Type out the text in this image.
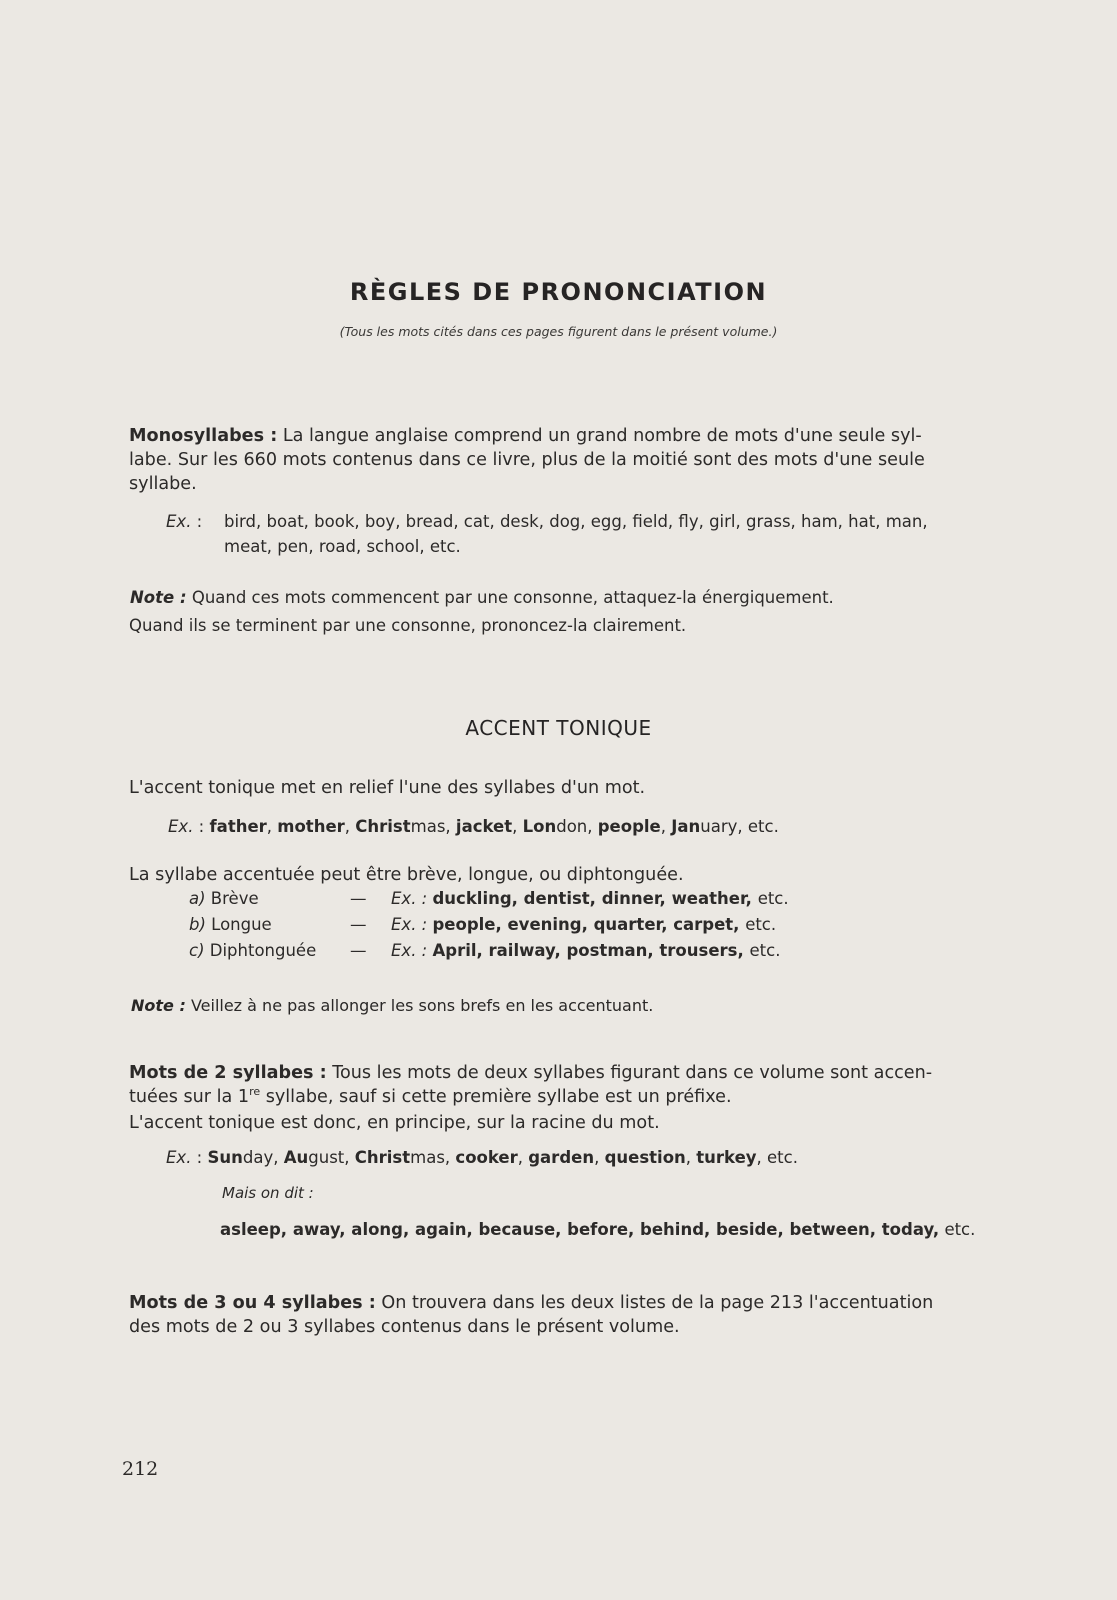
RÈGLES DE PRONONCIATION
(Tous les mots cités dans ces pages figurent dans le présent volume.)
Monosyllabes : La langue anglaise comprend un grand nombre de mots d'une seule syl-
labe. Sur les 660 mots contenus dans ce livre, plus de la moitié sont des mots d'une seule
syllabe.
Ex. : bird, boat, book, boy, bread, cat, desk, dog, egg, field, fly, girl, grass, ham, hat, man,
meat, pen, road, school, etc.
Note : Quand ces mots commencent par une consonne, attaquez-la énergiquement.
Quand ils se terminent par une consonne, prononcez-la clairement.
ACCENT TONIQUE
L'accent tonique met en relief l'une des syllabes d'un mot.
Ex. : father, mother, Christmas, jacket, London, people, January, etc.
La syllabe accentuée peut être brève, longue, ou diphtonguée.
a) Brève	— Ex. : duckling, dentist, dinner, weather, etc.
b) Longue	— Ex. : people, evening, quarter, carpet, etc.
c) Diphtonguée — Ex. : April, railway, postman, trousers, etc.
Note : Veillez à ne pas allonger les sons brefs en les accentuant.
Mots de 2 syllabes : Tous les mots de deux syllabes figurant dans ce volume sont accen-
tuées sur la 1re syllabe, sauf si cette première syllabe est un préfixe.
L'accent tonique est donc, en principe, sur la racine du mot.
Ex. : Sunday, August, Christmas, cooker, garden, question, turkey, etc.
Mais on dit :
asleep, away, along, again, because, before, behind, beside, between, today, etc.
Mots de 3 ou 4 syllabes : On trouvera dans les deux listes de la page 213 l'accentuation
des mots de 2 ou 3 syllabes contenus dans le présent volume.
212
